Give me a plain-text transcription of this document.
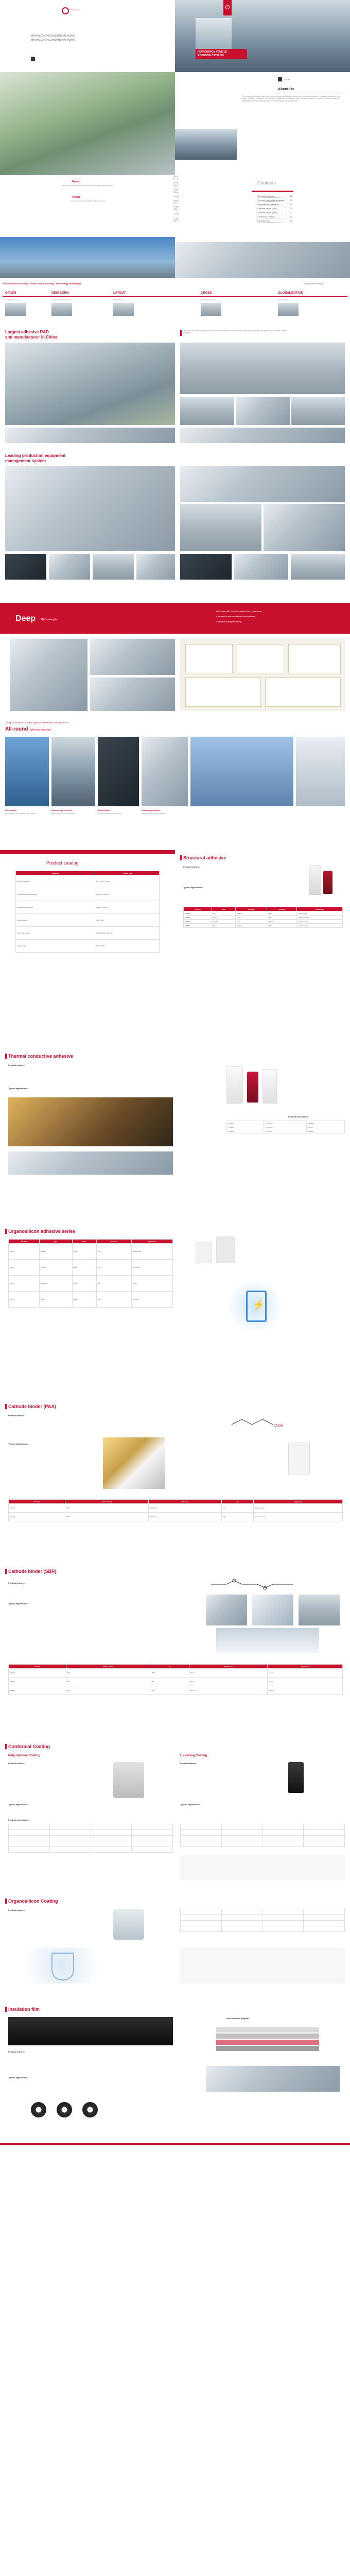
Company logo
ZHUHAI ZHONGZHU/ZHUHAI HUIHE
ZHUHAI ZHONGZHU/ZHUHAI HUIHE
NEW ENERGY VEHICLE
ADHESIVE CATALOG
QR code
About Us
The company is a national high-tech enterprise focusing on research, development, production and sales of adhesive products for new energy vehicles, electronics and industrial applications. Products cover structural adhesive, thermal conductive adhesive, organosilicon adhesive, cathode binder, conformal coating and insulation film.
Brand
Adhering to the concept of innovation and quality, serving global customers
Vision
To become a world-class adhesive solution provider	CONTENTS	Contents
Structural adhesive	05
Thermal conductive adhesive	07
Organosilicon adhesive	09
Cathode binder (PAA)	11
Cathode binder (SBR)	12
Conformal Coating	13
Insulation film	15
Financial restructuring · Global manufacturing · Technology leadership	Development History
ORIGIN
Company founded
NEW BORN
New plant put into operation
LAYOUT
National layout
CROSS
Cross-field expansion
GLOBALIZATION
Global strategy
Largest adhesive R&D
and manufacturer in China
Our production base is equipped with advanced automated production lines, strict quality management system and complete testing equipment.
Leading production equipment
management system
Deep R&D strength
R&D team with PhD and master level researchers
Cooperation with universities and institutes
Complete testing laboratory
3 major industries, 6 major types of adhesives, 800+ products
All-round adhesive solutions
PV industry
Photovoltaic module adhesives and sealants
New energy vehicles
Battery pack and motor adhesives
Smart utility
Electronic and electrical adhesives
Packaging industry
Packaging and laminating adhesives
Product catalog
Category	Product type
Structural adhesive	PU / Epoxy / Acrylic
Thermal conductive adhesive	Gap filler / Potting
Organosilicon adhesive	Sealant / Potting
Cathode binder	PAA / SBR
Conformal coating	Polyurethane / Silicone
Insulation film	PET / PI film
Structural adhesive
Product features
Typical applications
Product	Type	Viscosity	Strength	Application
ZZ-8801	PU	Medium	High	Cell bonding
ZZ-8802	Epoxy	High	High	Module bonding
ZZ-8803	Acrylic	Low	Medium	Case bonding
ZZ-8804	PU	Medium	High	Cover bonding
Thermal conductive adhesive
Product features
Typical applications
Product information
TC-2001	2.0 W/m·K	Gap filler
TC-3001	3.0 W/m·K	Potting
TC-3501	3.5 W/m·K	Bonding
Organosilicon adhesive series
Product	Type	Color	Hardness	Application
SI-101	Sealant	White	40A	Battery pack
SI-102	Potting	Black	30A	Controller
SI-103	Adhesive	Grey	50A	Motor
SI-104	Foam	White	20A	Cushion	⚡
Cathode binder (PAA)
Product features
Typical applications
COOH
Product	Solid content	Viscosity	pH	Application
PAA-01	15%	8000 mPa·s	7.0	Silicon anode
PAA-02	15%	6000 mPa·s	7.5	Graphite anode
Cathode binder (SBR)
Product features
Typical applications
Product	Solid content	Tg	Particle size	Application
SBR-01	40%	-5℃	150 nm	Anode
SBR-02	40%	0℃	180 nm	Anode
SBR-03	48%	5℃	200 nm	Anode
Conformal Coating
Polyurethane Coating	UV curing Coating
Product features	Product features
Typical applications	Typical applications
Product information

Organosilicon Coating
Product features

Insulation film
Product features
Typical applications
Film structure diagram
